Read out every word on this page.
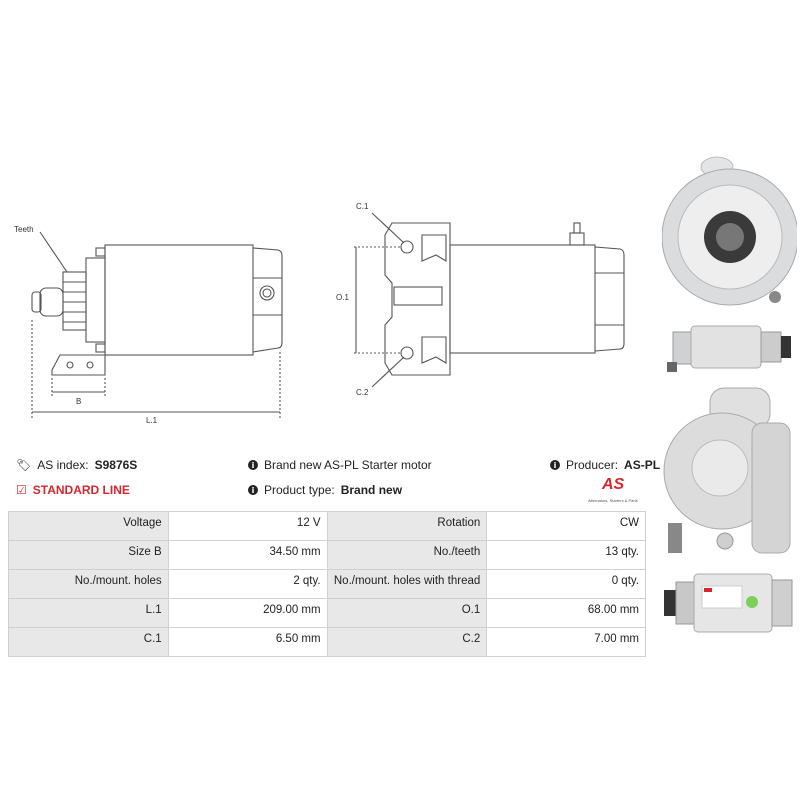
Teeth
B
L.1
C.1
C.2
O.1
🏷 AS index: S9876S
☑ STANDARD LINE
i Brand new AS-PL Starter motor
i Product type: Brand new
i Producer: AS-PL
AS
Alternators, Starters & Parts
Voltage	12 V	Rotation	CW
Size B	34.50 mm	No./teeth	13 qty.
No./mount. holes	2 qty.	No./mount. holes with thread	0 qty.
L.1	209.00 mm	O.1	68.00 mm
C.1	6.50 mm	C.2	7.00 mm
